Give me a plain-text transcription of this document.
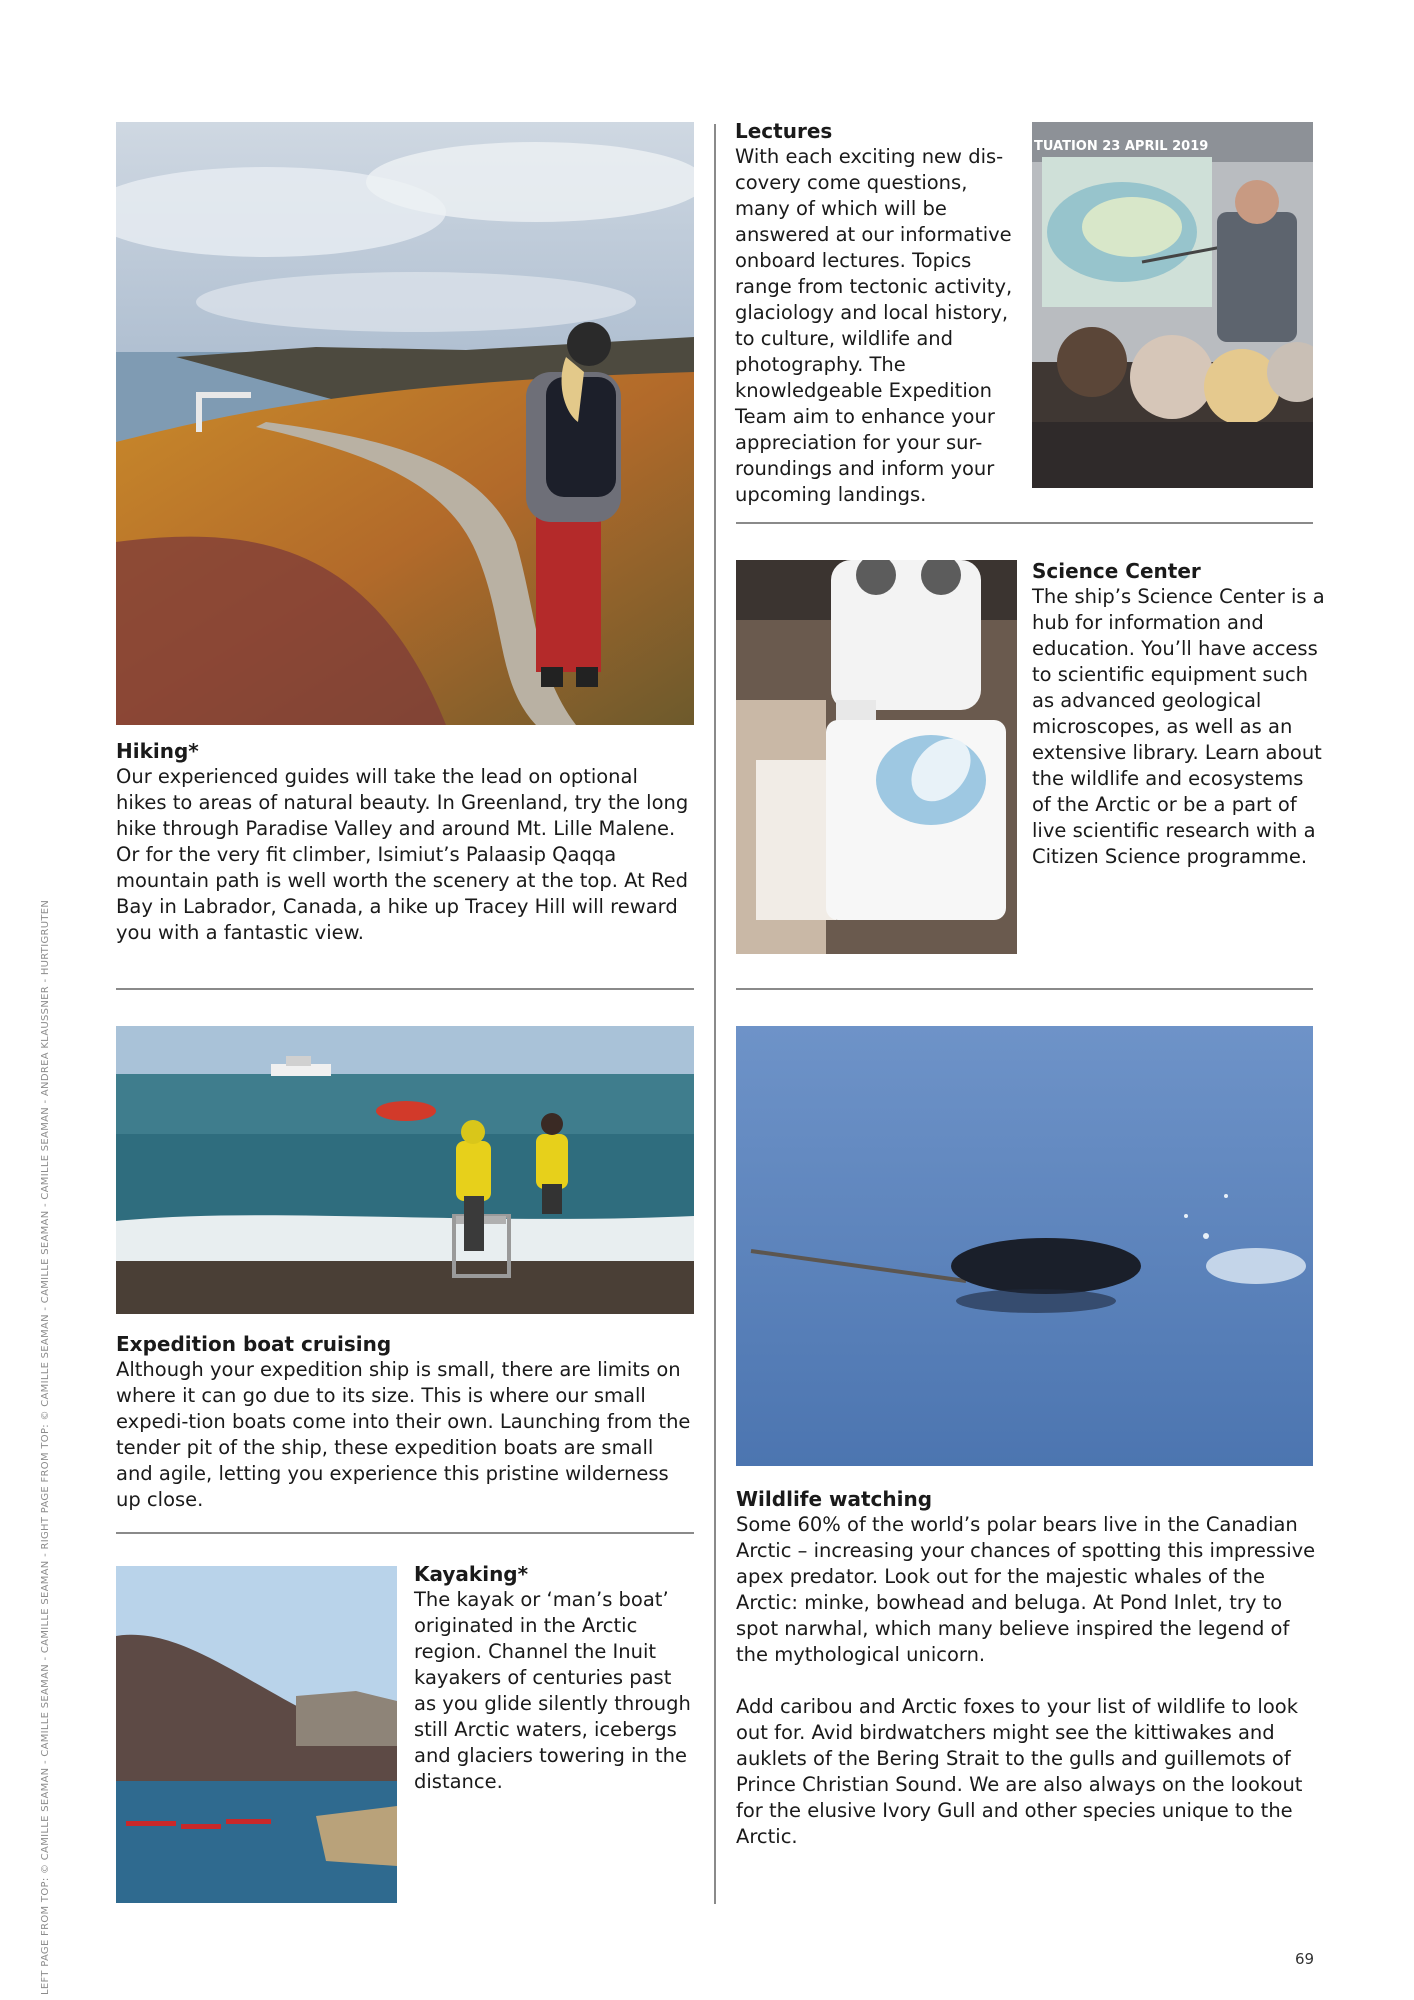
Hiking*

Our experienced guides will take the lead on optional hikes to areas of natural beauty. In Greenland, try the long hike through Paradise Valley and around Mt. Lille Malene. Or for the very fit climber, Isimiut’s Palaasip Qaqqa mountain path is well worth the scenery at the top. At Red Bay in Labrador, Canada, a hike up Tracey Hill will reward you with a fantastic view.

Lectures

With each exciting new dis-covery come questions, many of which will be answered at our informative onboard lectures. Topics range from tectonic activity, glaciology and local history, to culture, wildlife and photography. The knowledgeable Expedition Team aim to enhance your appreciation for your sur-roundings and inform your upcoming landings.

TUATION 23 APRIL 2019

Science Center

The ship’s Science Center is a hub for information and education. You’ll have access to scientific equipment such as advanced geological microscopes, as well as an extensive library. Learn about the wildlife and ecosystems of the Arctic or be a part of live scientific research with a Citizen Science programme.

Expedition boat cruising

Although your expedition ship is small, there are limits on where it can go due to its size. This is where our small expedi-tion boats come into their own. Launching from the tender pit of the ship, these expedition boats are small and agile, letting you experience this pristine wilderness up close.	Wildlife watching

Some 60% of the world’s polar bears live in the Canadian Arctic – increasing your chances of spotting this impressive apex predator. Look out for the majestic whales of the Arctic: minke, bowhead and beluga. At Pond Inlet, try to spot narwhal, which many believe inspired the legend of the mythological unicorn.

Add caribou and Arctic foxes to your list of wildlife to look out for. Avid birdwatchers might see the kittiwakes and auklets of the Bering Strait to the gulls and guillemots of Prince Christian Sound. We are also always on the lookout for the elusive Ivory Gull and other species unique to the Arctic.

Kayaking*

The kayak or ‘man’s boat’ originated in the Arctic region. Channel the Inuit kayakers of centuries past as you glide silently through still Arctic waters, icebergs and glaciers towering in the distance.

LEFT PAGE FROM TOP: © CAMILLE SEAMAN - CAMILLE SEAMAN - CAMILLE SEAMAN - RIGHT PAGE FROM TOP: © CAMILLE SEAMAN - CAMILLE SEAMAN - CAMILLE SEAMAN - ANDREA KLAUSSNER - HURTIGRUTEN	69
